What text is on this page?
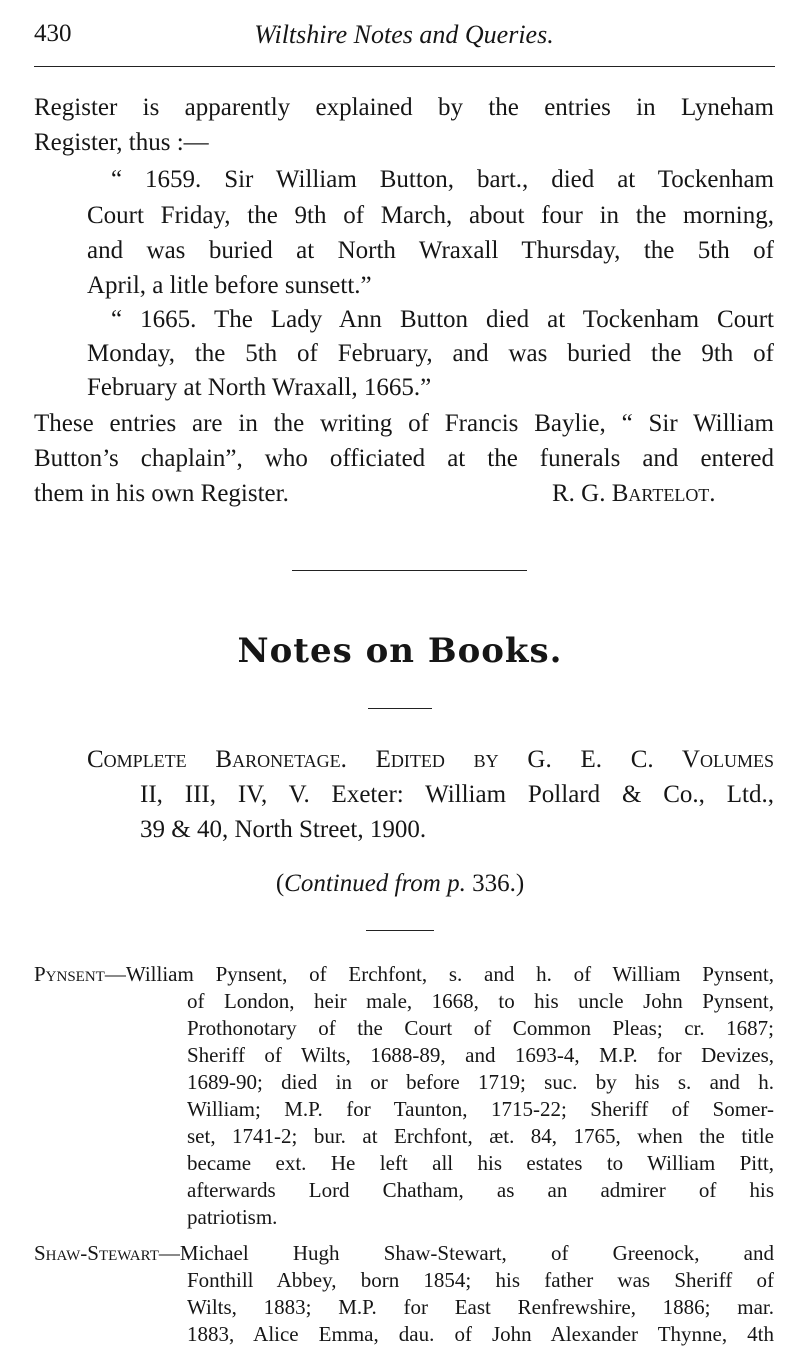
430	Wiltshire Notes and Queries.
Register is apparently explained by the entries in Lyneham
Register, thus :—
“ 1659. Sir William Button, bart., died at Tockenham
Court Friday, the 9th of March, about four in the morning,
and was buried at North Wraxall Thursday, the 5th of
April, a litle before sunsett.”
“ 1665. The Lady Ann Button died at Tockenham Court
Monday, the 5th of February, and was buried the 9th of
February at North Wraxall, 1665.”
These entries are in the writing of Francis Baylie, “ Sir William
Button’s chaplain”, who officiated at the funerals and entered
them in his own Register.	R. G. Bartelot.
Notes on Books.
Complete Baronetage. Edited by G. E. C. Volumes
II, III, IV, V. Exeter: William Pollard & Co., Ltd.,
39 & 40, North Street, 1900.
(Continued from p. 336.)
Pynsent—William Pynsent, of Erchfont, s. and h. of William Pynsent,
of London, heir male, 1668, to his uncle John Pynsent,
Prothonotary of the Court of Common Pleas; cr. 1687;
Sheriff of Wilts, 1688-89, and 1693-4, M.P. for Devizes,
1689-90; died in or before 1719; suc. by his s. and h.
William; M.P. for Taunton, 1715-22; Sheriff of Somer-
set, 1741-2; bur. at Erchfont, æt. 84, 1765, when the title
became ext. He left all his estates to William Pitt,
afterwards Lord Chatham, as an admirer of his
patriotism.
Shaw-Stewart—Michael Hugh Shaw-Stewart, of Greenock, and
Fonthill Abbey, born 1854; his father was Sheriff of
Wilts, 1883; M.P. for East Renfrewshire, 1886; mar.
1883, Alice Emma, dau. of John Alexander Thynne, 4th
